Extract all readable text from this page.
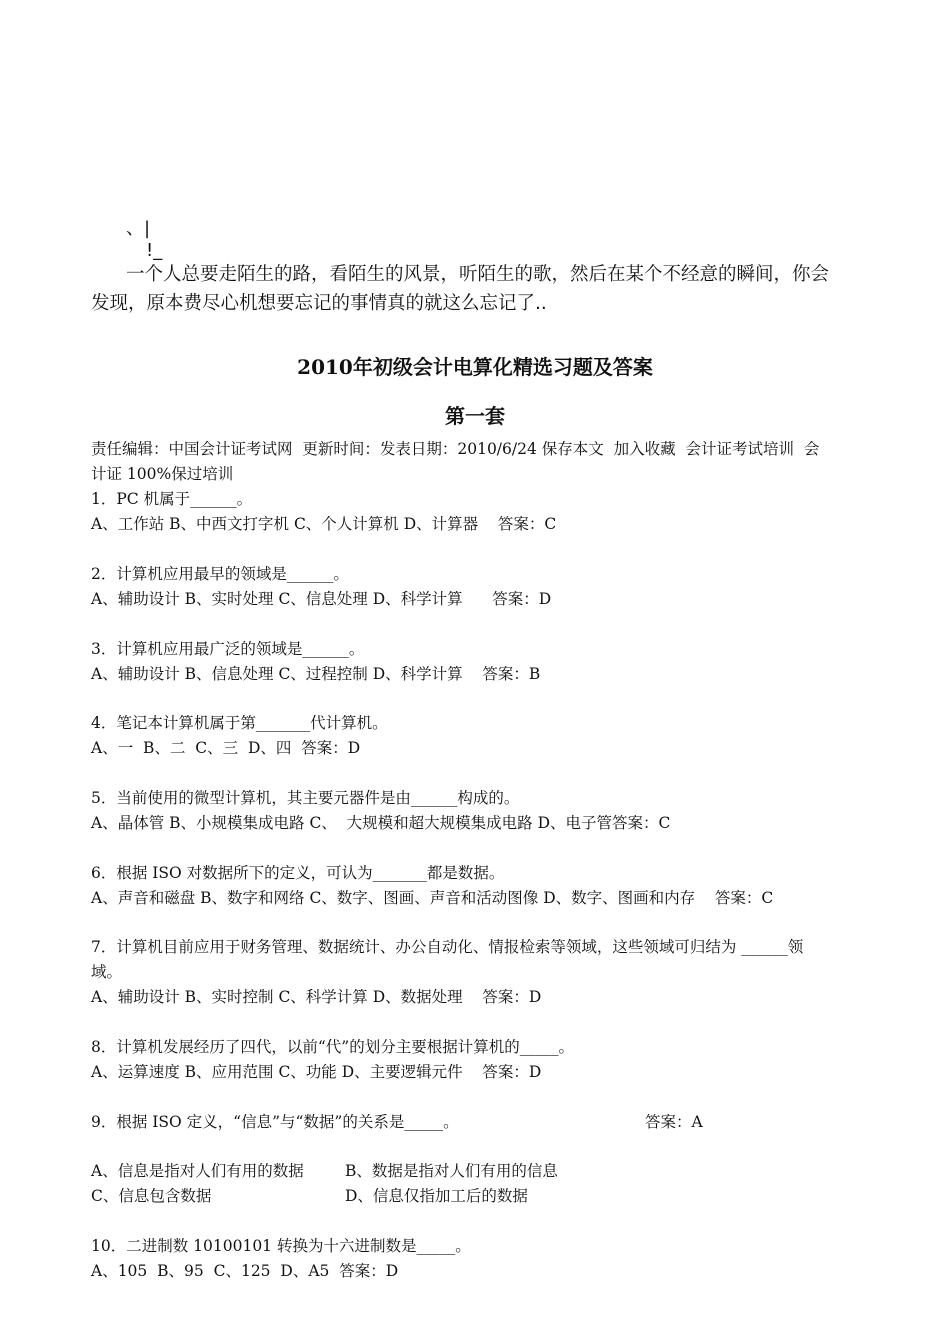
、|
!_
一个人总要走陌生的路，看陌生的风景，听陌生的歌，然后在某个不经意的瞬间，你会
发现，原本费尽心机想要忘记的事情真的就这么忘记了..
2010年初级会计电算化精选习题及答案
第一套
责任编辑：中国会计证考试网  更新时间：发表日期：2010/6/24 保存本文  加入收藏  会计证考试培训  会
计证 100%保过培训
1．PC 机属于______。
A、工作站 B、中西文打字机 C、个人计算机 D、计算器    答案：C
2．计算机应用最早的领域是______。
A、辅助设计 B、实时处理 C、信息处理 D、科学计算      答案：D
3．计算机应用最广泛的领域是______。
A、辅助设计 B、信息处理 C、过程控制 D、科学计算    答案：B
4．笔记本计算机属于第_______代计算机。
A、一  B、二  C、三  D、四  答案：D
5．当前使用的微型计算机，其主要元器件是由______构成的。
A、晶体管 B、小规模集成电路 C、  大规模和超大规模集成电路 D、电子管答案：C
6．根据 ISO 对数据所下的定义，可认为_______都是数据。
A、声音和磁盘 B、数字和网络 C、数字、图画、声音和活动图像 D、数字、图画和内存    答案：C
7．计算机目前应用于财务管理、数据统计、办公自动化、情报检索等领域，这些领域可归结为 ______领
域。
A、辅助设计 B、实时控制 C、科学计算 D、数据处理    答案：D
8．计算机发展经历了四代，以前“代”的划分主要根据计算机的_____。
A、运算速度 B、应用范围 C、功能 D、主要逻辑元件    答案：D
9．根据 ISO 定义，“信息”与“数据”的关系是_____。	答案：A
A、信息是指对人们有用的数据	B、数据是指对人们有用的信息
C、信息包含数据	D、信息仅指加工后的数据
10．二进制数 10100101 转换为十六进制数是_____。
A、105  B、95  C、125  D、A5  答案：D
